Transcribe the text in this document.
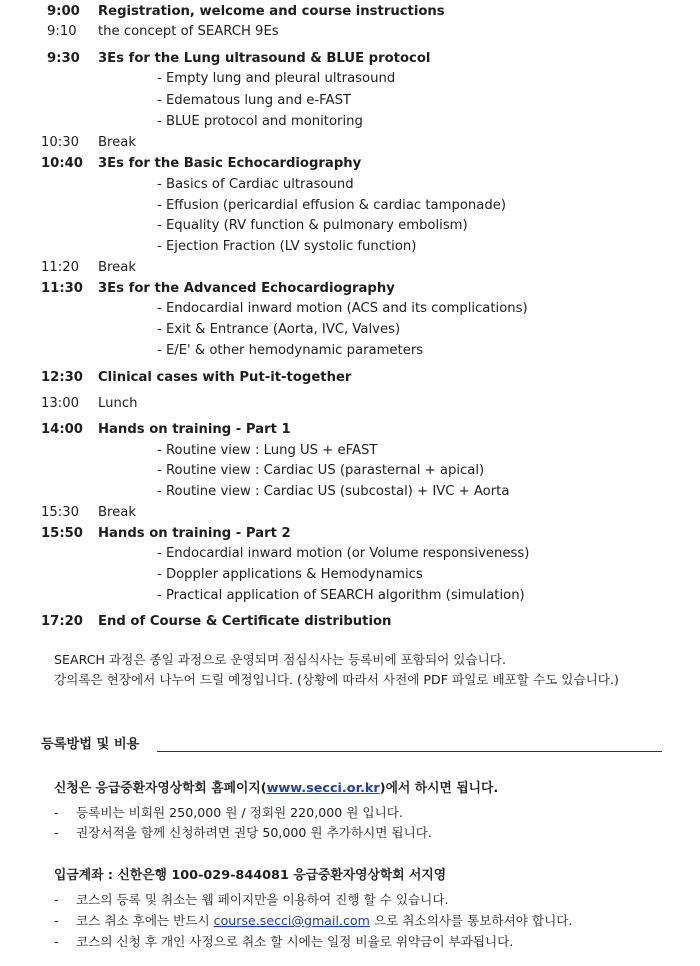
9:00	Registration, welcome and course instructions
9:10	the concept of SEARCH 9Es
9:30	3Es for the Lung ultrasound & BLUE protocol
- Empty lung and pleural ultrasound
- Edematous lung and e-FAST
- BLUE protocol and monitoring
10:30 Break
10:40 3Es for the Basic Echocardiography
- Basics of Cardiac ultrasound
- Effusion (pericardial effusion & cardiac tamponade)
- Equality (RV function & pulmonary embolism)
- Ejection Fraction (LV systolic function)
11:20 Break
11:30 3Es for the Advanced Echocardiography
- Endocardial inward motion (ACS and its complications)
- Exit & Entrance (Aorta, IVC, Valves)
- E/E' & other hemodynamic parameters
12:30 Clinical cases with Put-it-together
13:00 Lunch
14:00 Hands on training - Part 1
- Routine view : Lung US + eFAST
- Routine view : Cardiac US (parasternal + apical)
- Routine view : Cardiac US (subcostal) + IVC + Aorta
15:30 Break
15:50 Hands on training - Part 2
- Endocardial inward motion (or Volume responsiveness)
- Doppler applications & Hemodynamics
- Practical application of SEARCH algorithm (simulation)
17:20 End of Course & Certificate distribution
SEARCH 과정은 종일 과정으로 운영되며 점심식사는 등록비에 포함되어 있습니다.
강의록은 현장에서 나누어 드릴 예정입니다. (상황에 따라서 사전에 PDF 파일로 배포할 수도 있습니다.)
등록방법 및 비용
신청은 응급중환자영상학회 홈페이지(www.secci.or.kr)에서 하시면 됩니다.
- 등록비는 비회원 250,000 원 / 정회원 220,000 원 입니다.
- 권장서적을 함께 신청하려면 권당 50,000 원 추가하시면 됩니다.
입금계좌 : 신한은행 100-029-844081 응급중환자영상학회 서지영
- 코스의 등록 및 취소는 웹 페이지만을 이용하여 진행 할 수 있습니다.
- 코스 취소 후에는 반드시 course.secci@gmail.com 으로 취소의사를 통보하셔야 합니다.
- 코스의 신청 후 개인 사정으로 취소 할 시에는 일정 비율로 위약금이 부과됩니다.
